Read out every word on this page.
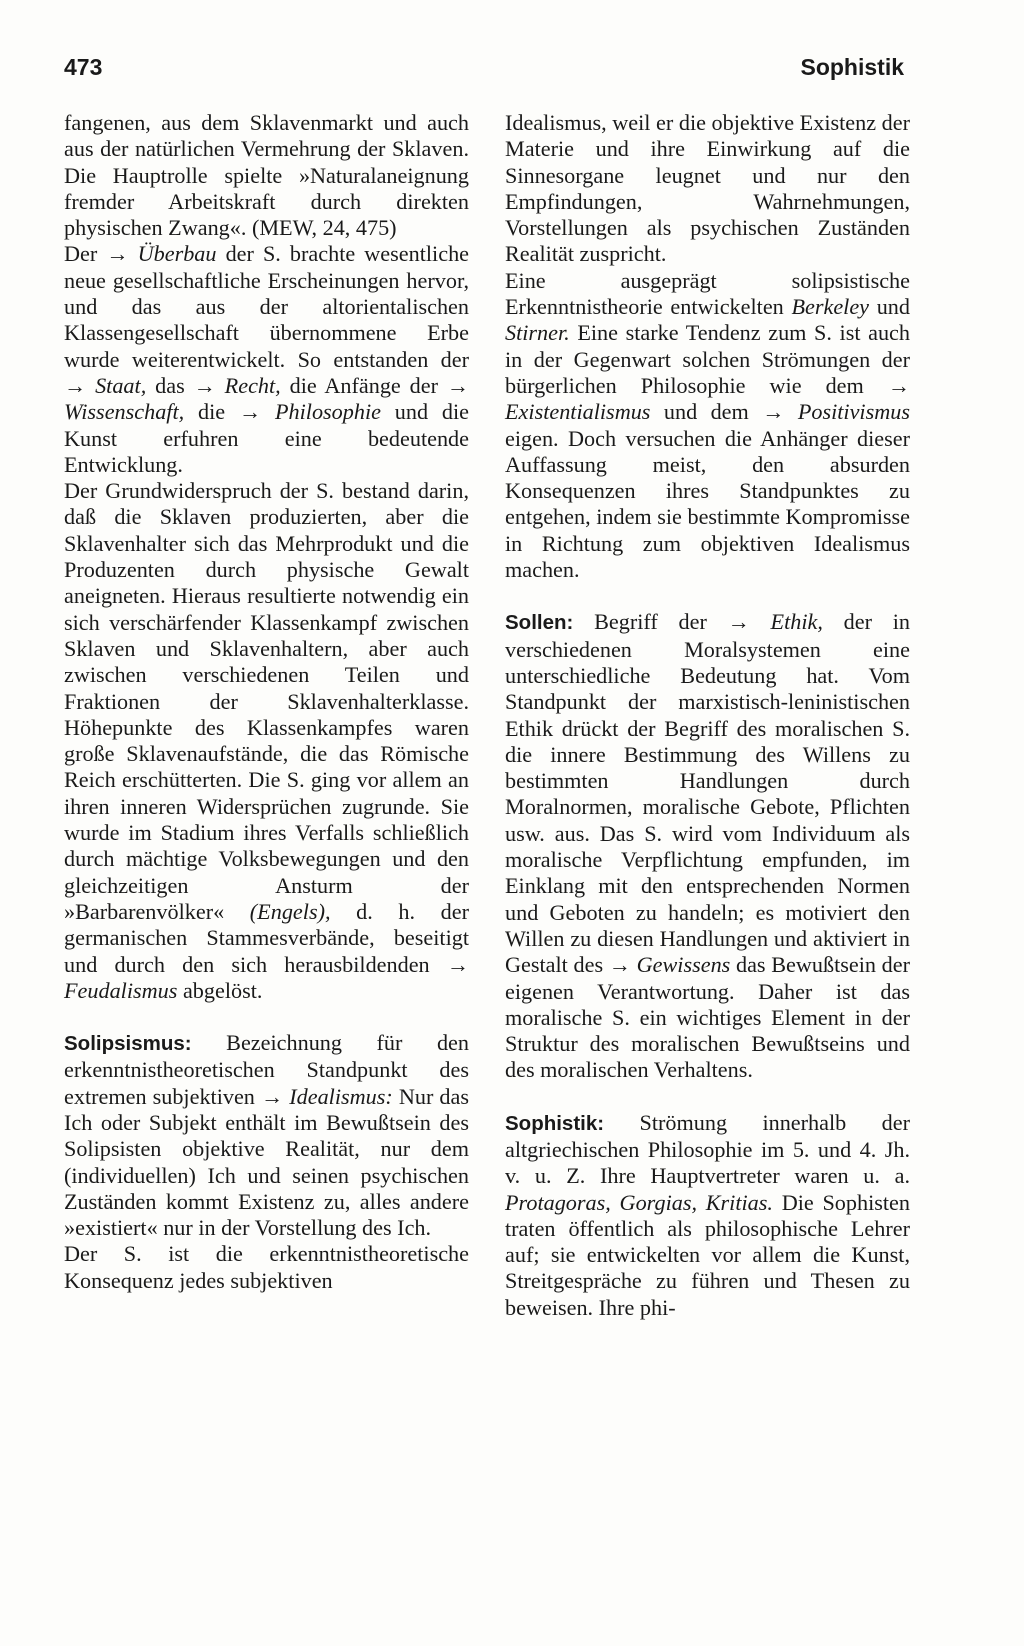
473	Sophistik

fangenen, aus dem Sklavenmarkt und auch aus der natürlichen Vermehrung der Sklaven. Die Hauptrolle spielte »Naturalaneignung fremder Arbeitskraft durch direkten physischen Zwang«. (MEW, 24, 475)

Der → Überbau der S. brachte wesentliche neue gesellschaftliche Erscheinungen hervor, und das aus der altorientalischen Klassengesellschaft übernommene Erbe wurde weiterentwickelt. So entstanden der → Staat, das → Recht, die Anfänge der → Wissenschaft, die → Philosophie und die Kunst erfuhren eine bedeutende Entwicklung.

Der Grundwiderspruch der S. bestand darin, daß die Sklaven produzierten, aber die Sklavenhalter sich das Mehrprodukt und die Produzenten durch physische Gewalt aneigneten. Hieraus resultierte notwendig ein sich verschärfender Klassenkampf zwischen Sklaven und Sklavenhaltern, aber auch zwischen verschiedenen Teilen und Fraktionen der Sklavenhalterklasse. Höhepunkte des Klassenkampfes waren große Sklavenaufstände, die das Römische Reich erschütterten. Die S. ging vor allem an ihren inneren Widersprüchen zugrunde. Sie wurde im Stadium ihres Verfalls schließlich durch mächtige Volksbewegungen und den gleichzeitigen Ansturm der »Barbarenvölker« (Engels), d. h. der germanischen Stammesverbände, beseitigt und durch den sich herausbildenden → Feudalismus abgelöst.

Solipsismus: Bezeichnung für den erkenntnistheoretischen Standpunkt des extremen subjektiven → Idealismus: Nur das Ich oder Subjekt enthält im Bewußtsein des Solipsisten objektive Realität, nur dem (individuellen) Ich und seinen psychischen Zuständen kommt Existenz zu, alles andere »existiert« nur in der Vorstellung des Ich.

Der S. ist die erkenntnistheoretische Konsequenz jedes subjektiven

Idealismus, weil er die objektive Existenz der Materie und ihre Einwirkung auf die Sinnesorgane leugnet und nur den Empfindungen, Wahrnehmungen, Vorstellungen als psychischen Zuständen Realität zuspricht.

Eine ausgeprägt solipsistische Erkenntnistheorie entwickelten Berkeley und Stirner. Eine starke Tendenz zum S. ist auch in der Gegenwart solchen Strömungen der bürgerlichen Philosophie wie dem → Existentialismus und dem → Positivismus eigen. Doch versuchen die Anhänger dieser Auffassung meist, den absurden Konsequenzen ihres Standpunktes zu entgehen, indem sie bestimmte Kompromisse in Richtung zum objektiven Idealismus machen.

Sollen: Begriff der → Ethik, der in verschiedenen Moralsystemen eine unterschiedliche Bedeutung hat. Vom Standpunkt der marxistisch-leninistischen Ethik drückt der Begriff des moralischen S. die innere Bestimmung des Willens zu bestimmten Handlungen durch Moralnormen, moralische Gebote, Pflichten usw. aus. Das S. wird vom Individuum als moralische Verpflichtung empfunden, im Einklang mit den entsprechenden Normen und Geboten zu handeln; es motiviert den Willen zu diesen Handlungen und aktiviert in Gestalt des → Gewissens das Bewußtsein der eigenen Verantwortung. Daher ist das moralische S. ein wichtiges Element in der Struktur des moralischen Bewußtseins und des moralischen Verhaltens.

Sophistik: Strömung innerhalb der altgriechischen Philosophie im 5. und 4. Jh. v. u. Z. Ihre Hauptvertreter waren u. a. Protagoras, Gorgias, Kritias. Die Sophisten traten öffentlich als philosophische Lehrer auf; sie entwickelten vor allem die Kunst, Streitgespräche zu führen und Thesen zu beweisen. Ihre phi-
